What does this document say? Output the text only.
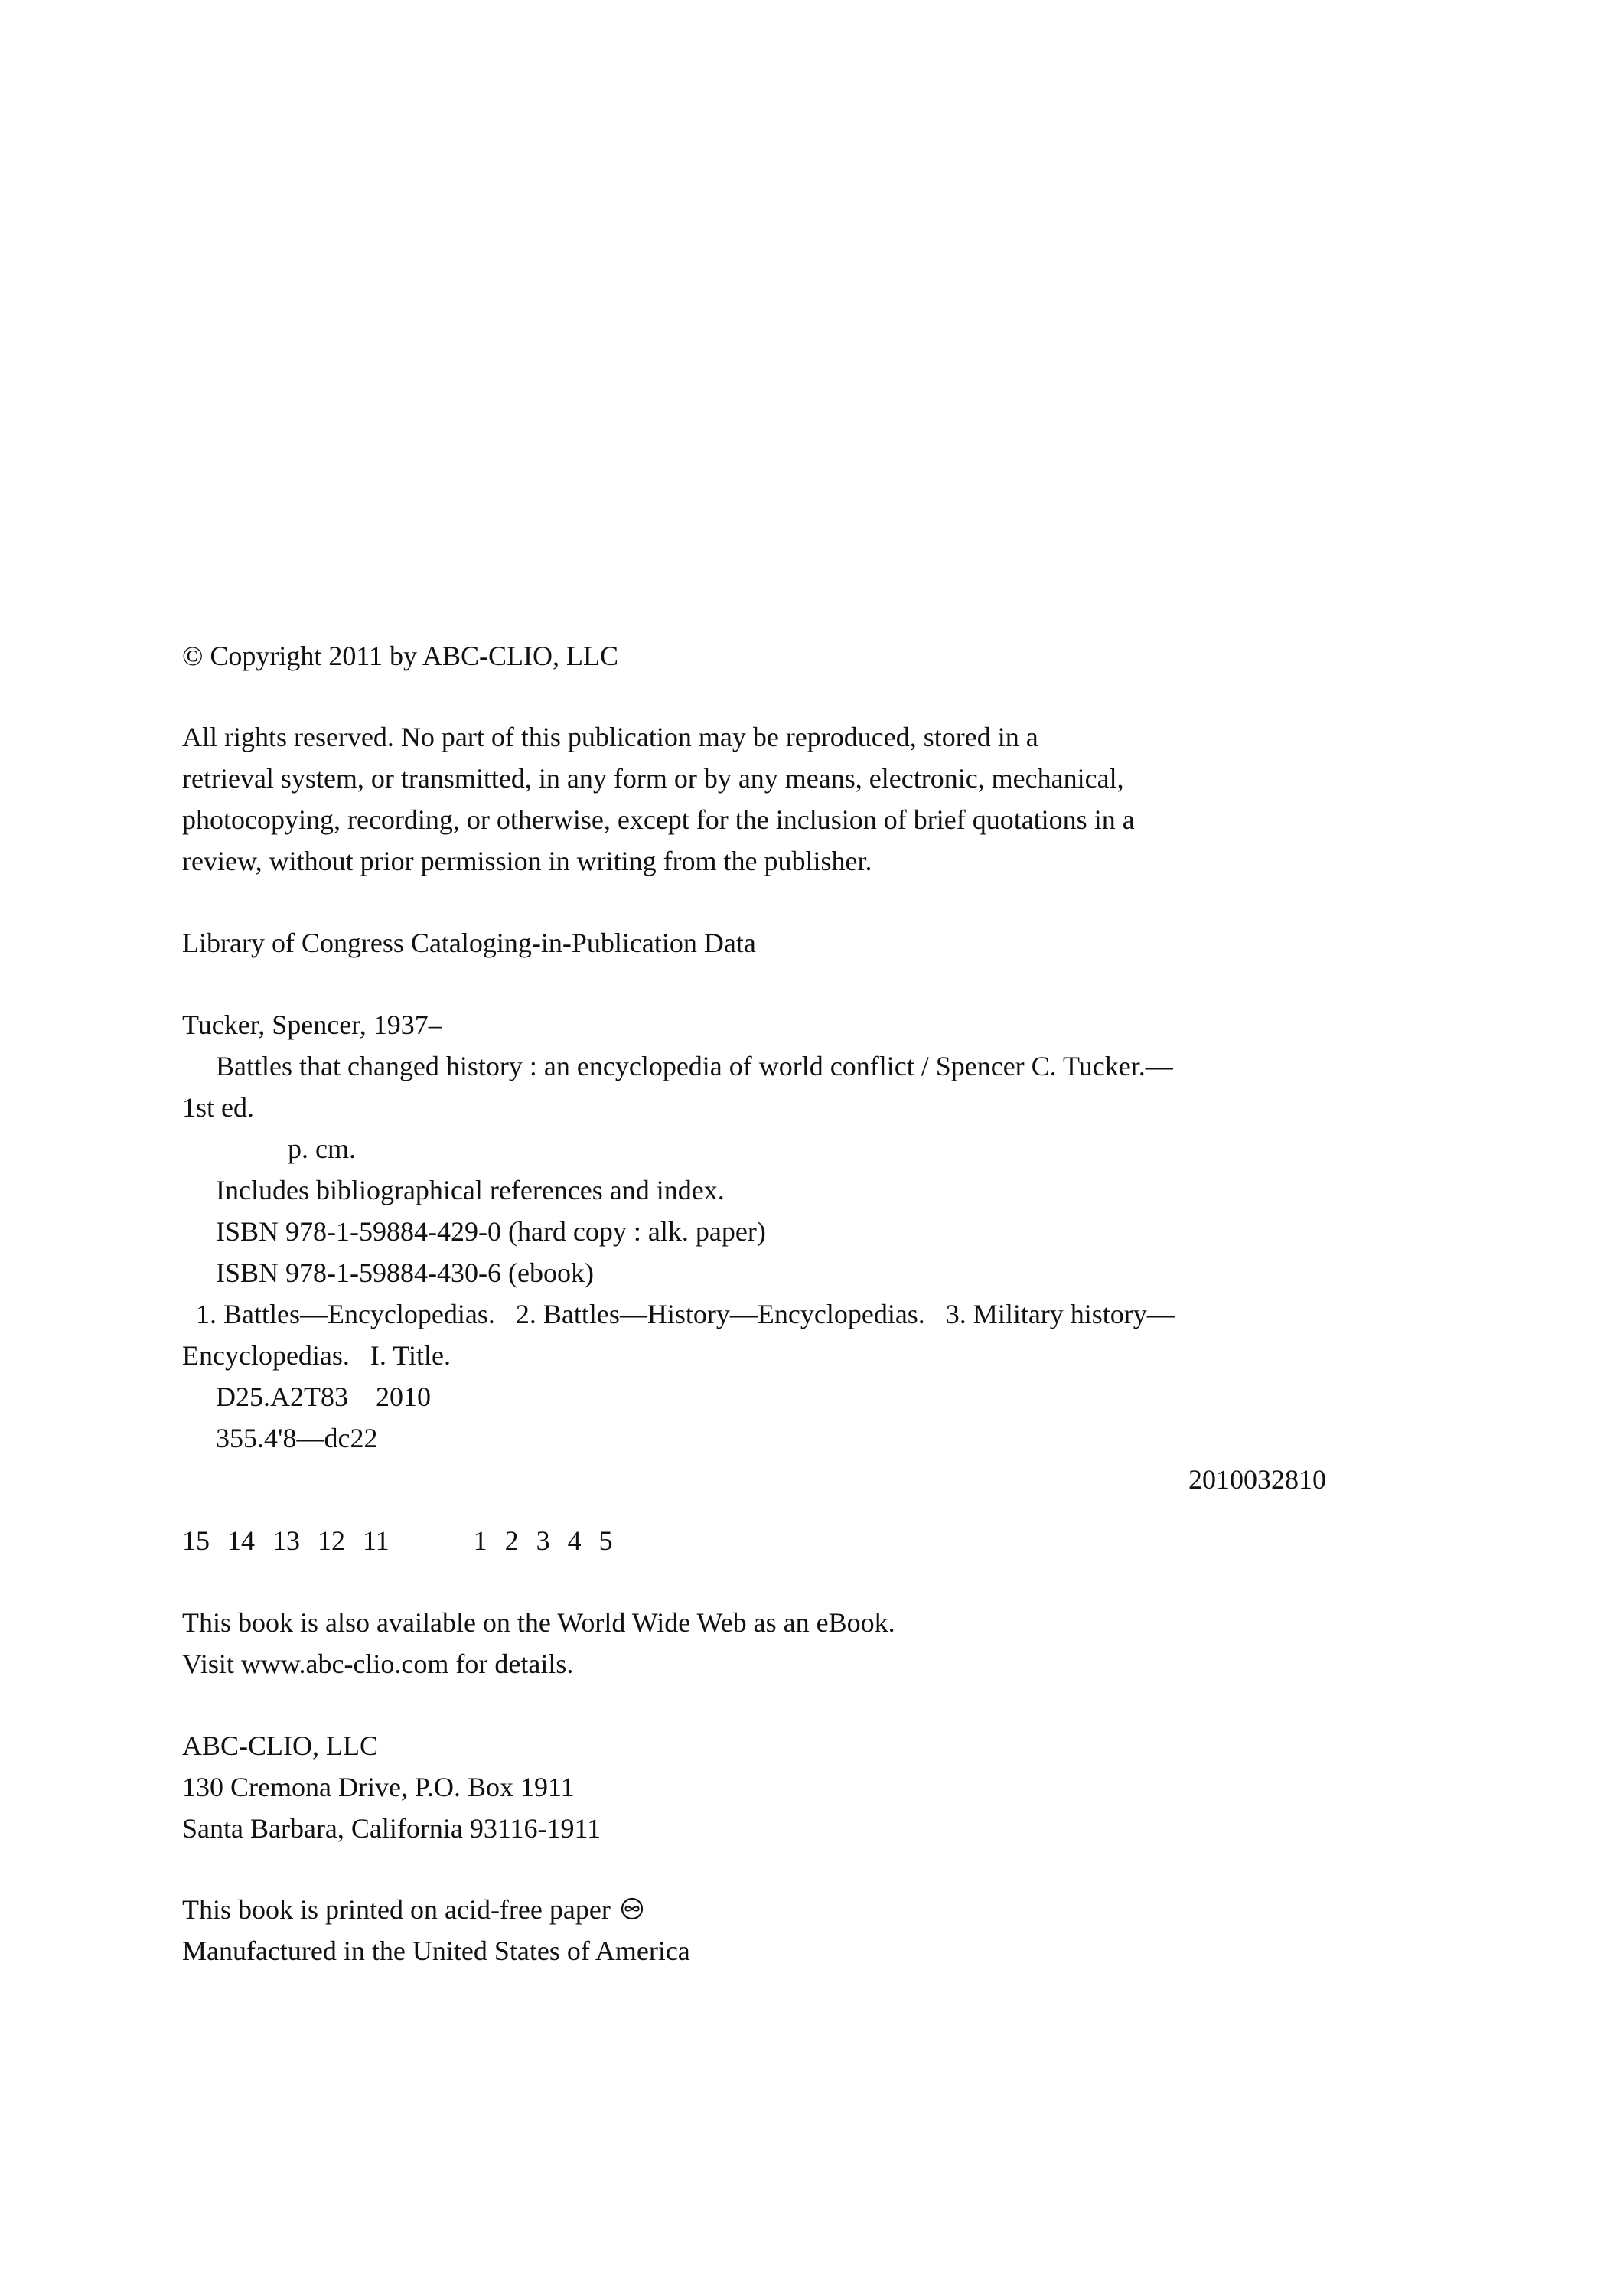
© Copyright 2011 by ABC-CLIO, LLC
All rights reserved. No part of this publication may be reproduced, stored in a
retrieval system, or transmitted, in any form or by any means, electronic, mechanical,
photocopying, recording, or otherwise, except for the inclusion of brief quotations in a
review, without prior permission in writing from the publisher.
Library of Congress Cataloging-in-Publication Data
Tucker, Spencer, 1937–
Battles that changed history : an encyclopedia of world conflict / Spencer C. Tucker.—
1st ed.
p. cm.
Includes bibliographical references and index.
ISBN 978-1-59884-429-0 (hard copy : alk. paper)
ISBN 978-1-59884-430-6 (ebook)
1. Battles—Encyclopedias.   2. Battles—History—Encyclopedias.   3. Military history—
Encyclopedias.   I. Title.
D25.A2T83    2010
355.4'8—dc22
2010032810
15 14 13 12 11	1 2 3 4 5
This book is also available on the World Wide Web as an eBook.
Visit www.abc-clio.com for details.
ABC-CLIO, LLC
130 Cremona Drive, P.O. Box 1911
Santa Barbara, California 93116-1911
This book is printed on acid-free paper
Manufactured in the United States of America
